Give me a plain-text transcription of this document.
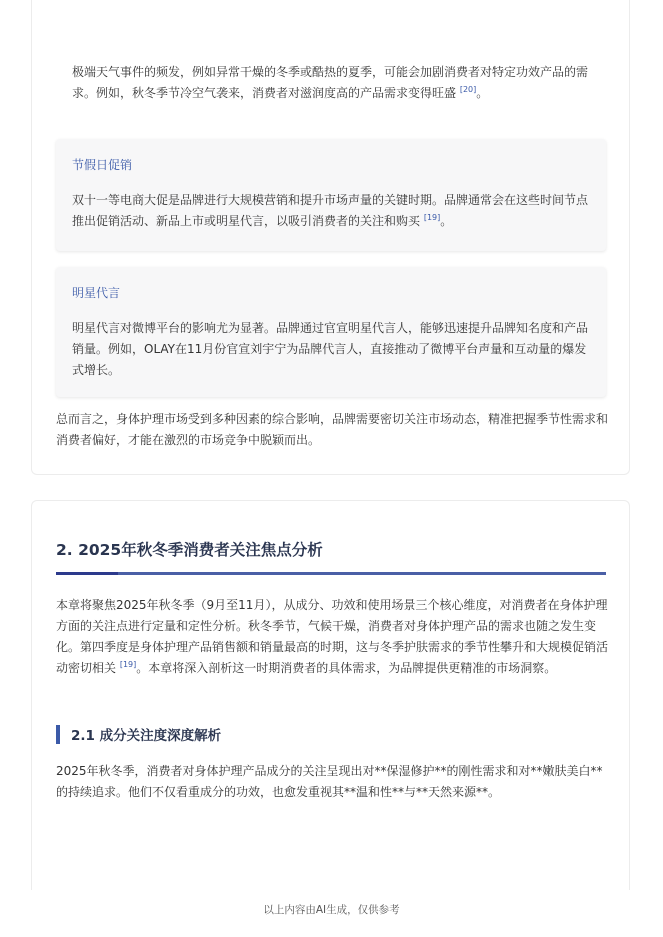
极端天气事件的频发，例如异常干燥的冬季或酷热的夏季，可能会加剧消费者对特定功效产品的需求。例如，秋冬季节冷空气袭来，消费者对滋润度高的产品需求变得旺盛 [20]。

节假日促销

双十一等电商大促是品牌进行大规模营销和提升市场声量的关键时期。品牌通常会在这些时间节点推出促销活动、新品上市或明星代言，以吸引消费者的关注和购买 [19]。

明星代言

明星代言对微博平台的影响尤为显著。品牌通过官宣明星代言人，能够迅速提升品牌知名度和产品销量。例如，OLAY在11月份官宣刘宇宁为品牌代言人，直接推动了微博平台声量和互动量的爆发式增长。

总而言之，身体护理市场受到多种因素的综合影响，品牌需要密切关注市场动态，精准把握季节性需求和消费者偏好，才能在激烈的市场竞争中脱颖而出。

2. 2025年秋冬季消费者关注焦点分析

本章将聚焦2025年秋冬季（9月至11月），从成分、功效和使用场景三个核心维度，对消费者在身体护理方面的关注点进行定量和定性分析。秋冬季节，气候干燥，消费者对身体护理产品的需求也随之发生变化。第四季度是身体护理产品销售额和销量最高的时期，这与冬季护肤需求的季节性攀升和大规模促销活动密切相关 [19]。本章将深入剖析这一时期消费者的具体需求，为品牌提供更精准的市场洞察。

2.1 成分关注度深度解析

2025年秋冬季，消费者对身体护理产品成分的关注呈现出对**保湿修护**的刚性需求和对**嫩肤美白**的持续追求。他们不仅看重成分的功效，也愈发重视其**温和性**与**天然来源**。

以上内容由AI生成，仅供参考
